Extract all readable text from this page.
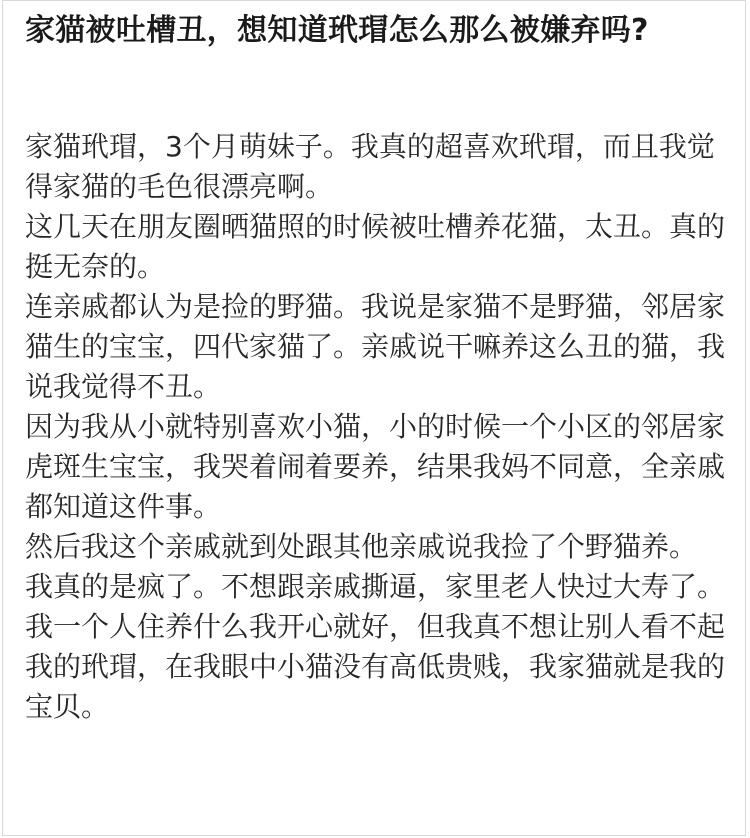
家猫被吐槽丑，想知道玳瑁怎么那么被嫌弃吗?

家猫玳瑁，3个月萌妹子。我真的超喜欢玳瑁，而且我觉得家猫的毛色很漂亮啊。

这几天在朋友圈晒猫照的时候被吐槽养花猫，太丑。真的挺无奈的。

连亲戚都认为是捡的野猫。我说是家猫不是野猫，邻居家猫生的宝宝，四代家猫了。亲戚说干嘛养这么丑的猫，我说我觉得不丑。

因为我从小就特别喜欢小猫，小的时候一个小区的邻居家虎斑生宝宝，我哭着闹着要养，结果我妈不同意，全亲戚都知道这件事。

然后我这个亲戚就到处跟其他亲戚说我捡了个野猫养。

我真的是疯了。不想跟亲戚撕逼，家里老人快过大寿了。

我一个人住养什么我开心就好，但我真不想让别人看不起我的玳瑁，在我眼中小猫没有高低贵贱，我家猫就是我的宝贝。
